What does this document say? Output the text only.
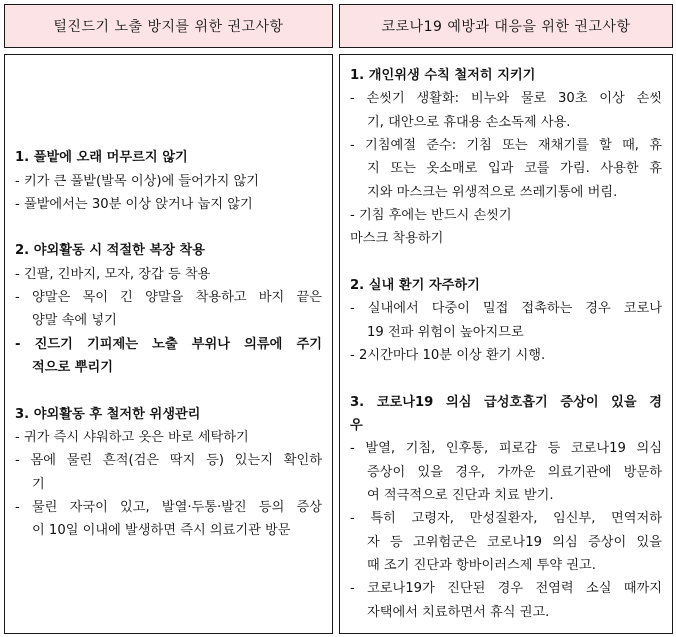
털진드기 노출 방지를 위한 권고사항	코로나19 예방과 대응을 위한 권고사항
1. 풀밭에 오래 머무르지 않기
- 키가 큰 풀밭(발목 이상)에 들어가지 않기
- 풀밭에서는 30분 이상 앉거나 눕지 않기
2. 야외활동 시 적절한 복장 착용
- 긴팔, 긴바지, 모자, 장갑 등 착용
- 양말은 목이 긴 양말을 착용하고 바지 끝은
양말 속에 넣기
- 진드기 기피제는 노출 부위나 의류에 주기
적으로 뿌리기
3. 야외활동 후 철저한 위생관리
- 귀가 즉시 샤워하고 옷은 바로 세탁하기
- 몸에 물린 흔적(검은 딱지 등) 있는지 확인하
기
- 물린 자국이 있고, 발열·두통·발진 등의 증상
이 10일 이내에 발생하면 즉시 의료기관 방문
1. 개인위생 수칙 철저히 지키기
- 손씻기 생활화: 비누와 물로 30초 이상 손씻
기, 대안으로 휴대용 손소독제 사용.
- 기침예절 준수: 기침 또는 재채기를 할 때, 휴
지 또는 옷소매로 입과 코를 가림. 사용한 휴
지와 마스크는 위생적으로 쓰레기통에 버림.
- 기침 후에는 반드시 손씻기
마스크 착용하기
2. 실내 환기 자주하기
- 실내에서 다중이 밀접 접촉하는 경우 코로나
19 전파 위험이 높아지므로
- 2시간마다 10분 이상 환기 시행.
3. 코로나19 의심 급성호흡기 증상이 있을 경
우
- 발열, 기침, 인후통, 피로감 등 코로나19 의심
증상이 있을 경우, 가까운 의료기관에 방문하
여 적극적으로 진단과 치료 받기.
- 특히 고령자, 만성질환자, 임신부, 면역저하
자 등 고위험군은 코로나19 의심 증상이 있을
때 조기 진단과 항바이러스제 투약 권고.
- 코로나19가 진단된 경우 전염력 소실 때까지
자택에서 치료하면서 휴식 권고.
